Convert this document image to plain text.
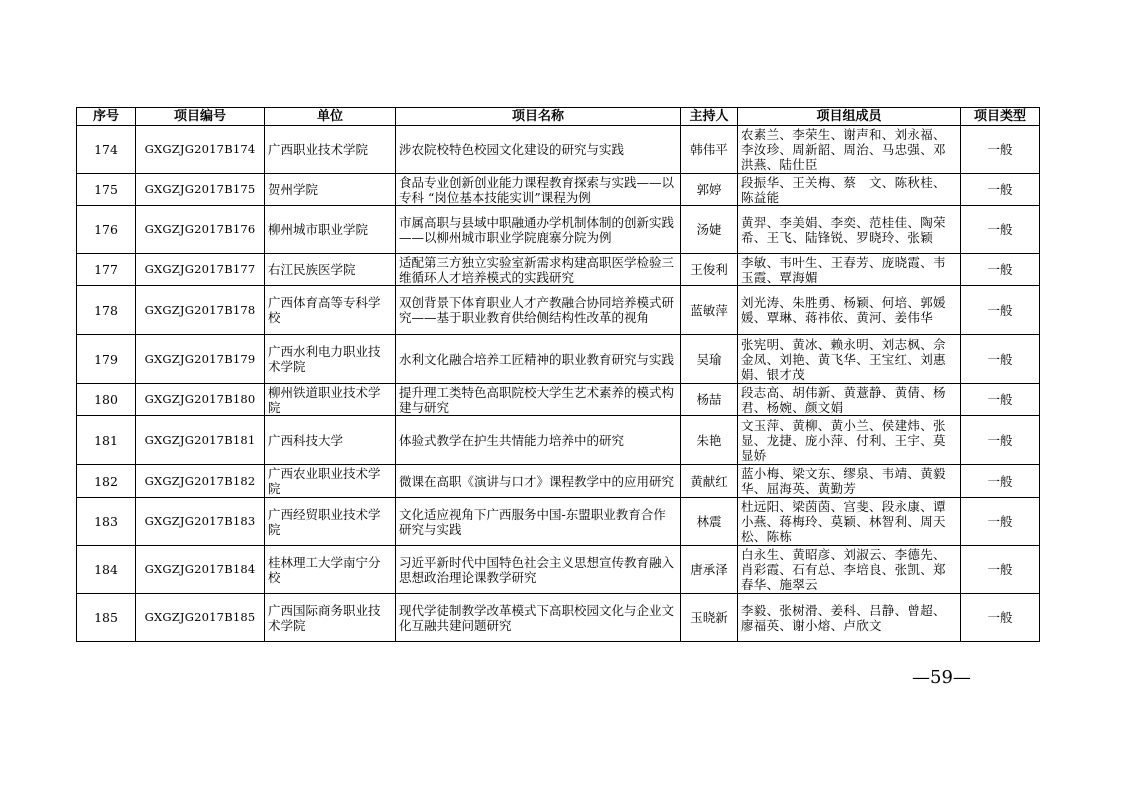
序号	项目编号	单位	项目名称	主持人	项目组成员	项目类型
174	GXGZJG2017B174	广西职业技术学院	涉农院校特色校园文化建设的研究与实践	韩伟平	农素兰、李荣生、谢声和、刘永福、李汝珍、周新韶、周治、马忠强、邓洪燕、陆仕臣	一般
175	GXGZJG2017B175	贺州学院	食品专业创新创业能力课程教育探索与实践——以专科 “岗位基本技能实训”课程为例	郭婷	段振华、王关梅、蔡　文、陈秋桂、陈益能	一般
176	GXGZJG2017B176	柳州城市职业学院	市属高职与县域中职融通办学机制体制的创新实践——以柳州城市职业学院鹿寨分院为例	汤婕	黄羿、李美娟、李奕、范桂佳、陶荣希、王飞、陆锋锐、罗晓玲、张颖	一般
177	GXGZJG2017B177	右江民族医学院	适配第三方独立实验室新需求构建高职医学检验三维循环人才培养模式的实践研究	王俊利	李敏、韦叶生、王春芳、庞晓霞、韦玉霞、覃海媚	一般
178	GXGZJG2017B178	广西体育高等专科学校	双创背景下体育职业人才产教融合协同培养模式研究——基于职业教育供给侧结构性改革的视角	蓝敏萍	刘光涛、朱胜勇、杨颖、何培、郭媛媛、覃琳、蒋祎依、黄河、姜伟华	一般
179	GXGZJG2017B179	广西水利电力职业技术学院	水利文化融合培养工匠精神的职业教育研究与实践	吴瑜	张宪明、黄冰、赖永明、刘志枫、佘金凤、刘艳、黄飞华、王宝红、刘惠娟、银才茂	一般
180	GXGZJG2017B180	柳州铁道职业技术学院	提升理工类特色高职院校大学生艺术素养的模式构建与研究	杨喆	段志高、胡伟新、黄薏静、黄倩、杨君、杨婉、颜文娟	一般
181	GXGZJG2017B181	广西科技大学	体验式教学在护生共情能力培养中的研究	朱艳	文玉萍、黄柳、黄小兰、侯建炜、张显、龙捷、庞小萍、付利、王宇、莫显娇	一般
182	GXGZJG2017B182	广西农业职业技术学院	微课在高职《演讲与口才》课程教学中的应用研究	黄献红	蓝小梅、梁文东、缪泉、韦靖、黄毅华、屈海英、黄勤芳	一般
183	GXGZJG2017B183	广西经贸职业技术学院	文化适应视角下广西服务中国-东盟职业教育合作研究与实践	林震	杜远阳、梁茵茵、宫斐、段永康、谭小燕、蒋梅玲、莫颖、林智利、周天松、陈栋	一般
184	GXGZJG2017B184	桂林理工大学南宁分校	习近平新时代中国特色社会主义思想宣传教育融入思想政治理论课教学研究	唐承泽	白永生、黄昭彦、刘淑云、李德先、肖彩霞、石有总、李培良、张凯、郑春华、施翠云	一般
185	GXGZJG2017B185	广西国际商务职业技术学院	现代学徒制教学改革模式下高职校园文化与企业文化互融共建问题研究	玉晓新	李毅、张树滑、姜科、吕静、曾超、廖福英、谢小熔、卢欣文	一般
—59—
